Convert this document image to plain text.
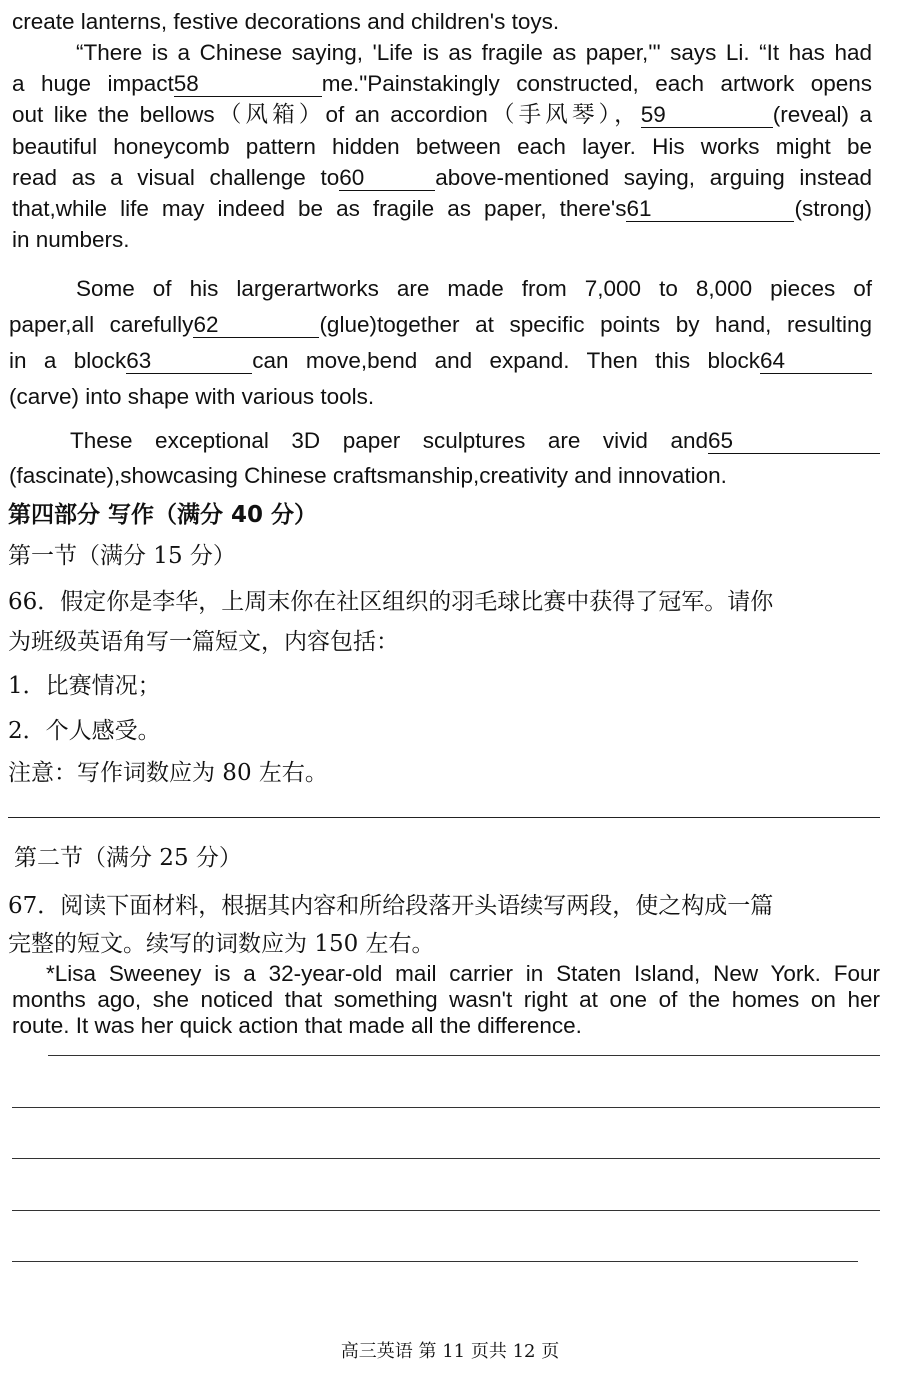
create lanterns, festive decorations and children's toys.
“There is a Chinese saying, 'Life is as fragile as paper,'" says Li. “It has had
a huge impact58	me."Painstakingly constructed, each artwork opens
out like the bellows（风箱）of an accordion（手风琴），59	(reveal) a
beautiful honeycomb pattern hidden between each layer. His works might be
read as a visual challenge to60	above-mentioned saying, arguing instead
that,while life may indeed be as fragile as paper, there's61	(strong)
in numbers.
Some of his largerartworks are made from 7,000 to 8,000 pieces of
paper,all carefully62	(glue)together at specific points by hand, resulting
in a block63	can move,bend and expand. Then this block64
(carve) into shape with various tools.
These exceptional 3D paper sculptures are vivid and65
(fascinate),showcasing Chinese craftsmanship,creativity and innovation.
第四部分 写作（满分 40 分）
第一节（满分 15 分）
66．假定你是李华，上周末你在社区组织的羽毛球比赛中获得了冠军。请你
为班级英语角写一篇短文，内容包括：
1．比赛情况；
2．个人感受。
注意：写作词数应为 80 左右。
第二节（满分 25 分）
67．阅读下面材料，根据其内容和所给段落开头语续写两段，使之构成一篇
完整的短文。续写的词数应为 150 左右。
*Lisa Sweeney is a 32-year-old mail carrier in Staten Island, New York. Four
months ago, she noticed that something wasn't right at one of the homes on her
route. It was her quick action that made all the difference.
高三英语 第 11 页共 12 页
